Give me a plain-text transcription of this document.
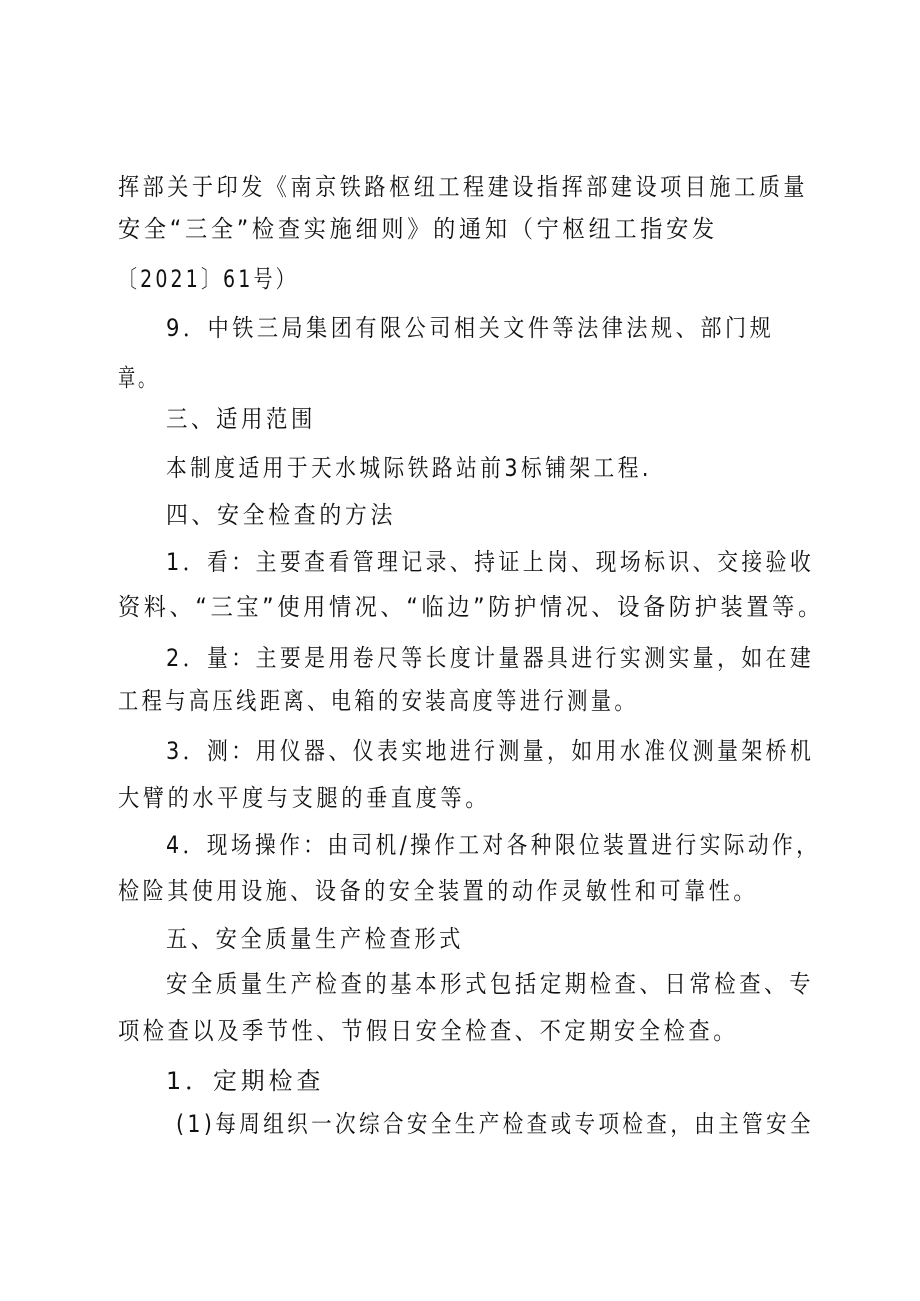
挥部关于印发《南京铁路枢纽工程建设指挥部建设项目施工质量
安全“三全”检查实施细则》的通知（宁枢纽工指安发
〔2021〕61号）
9．中铁三局集团有限公司相关文件等法律法规、部门规
章。
三、适用范围
本制度适用于天水城际铁路站前3标铺架工程.
四、安全检查的方法
1．看：主要查看管理记录、持证上岗、现场标识、交接验收
资料、“三宝”使用情况、“临边”防护情况、设备防护装置等。
2．量：主要是用卷尺等长度计量器具进行实测实量，如在建
工程与高压线距离、电箱的安装高度等进行测量。
3．测：用仪器、仪表实地进行测量，如用水准仪测量架桥机
大臂的水平度与支腿的垂直度等。
4．现场操作：由司机/操作工对各种限位装置进行实际动作，
检险其使用设施、设备的安全装置的动作灵敏性和可靠性。
五、安全质量生产检查形式
安全质量生产检查的基本形式包括定期检查、日常检查、专
项检查以及季节性、节假日安全检查、不定期安全检查。
1．定期检查
(1)每周组织一次综合安全生产检查或专项检查，由主管安全
